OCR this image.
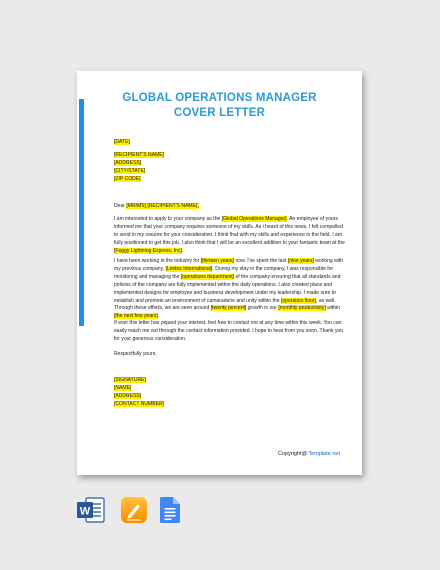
GLOBAL OPERATIONS MANAGER
COVER LETTER
[DATE]
[RECIPIENT'S NAME]
[ADDRESS]
[CITY/STATE]
[ZIP CODE]
Dear [MR/MS] [RECIPIENT'S NAME],
I am interested to apply to your company as the [Global Operations Manager]. An employee of yours informed me that your company requires someone of my skills. As i heard of this news, I felt compelled to send in my resume for your consideration. I think that with my skills and experience in the field, I am fully positioned to get this job. I also think that I will be an excellent addition to your fantastic team at the [Foggy Lightning Express, Inc].
I have been working in the industry for [thirteen years] now. I've spent the last [nine years] working with my previous company, [Leidos International]. During my stay in the company, I was responsible for monitoring and managing the [operations department] of the company ensuring that all standards and policies of the company are fully implemented within the daily operations. I also created plans and implemented designs for employee and business development under my leadership. I made sure to establish and promote an environment of camaraderie and unity within the [operation floor], as well. Through these efforts, we are seen around [twenty percent] growth in our [monthly productivity] within [the next few years].
If ever this letter has piqued your interest, feel free to contact me at any time within this week. You can easily reach me out through the contact information provided. I hope to hear from you soon. Thank you for your generous consideration.
Respectfully yours,
[SIGNATURE]
[NAME]
[ADDRESS]
[CONTACT NUMBER]
Copyright@ Template.net
W
